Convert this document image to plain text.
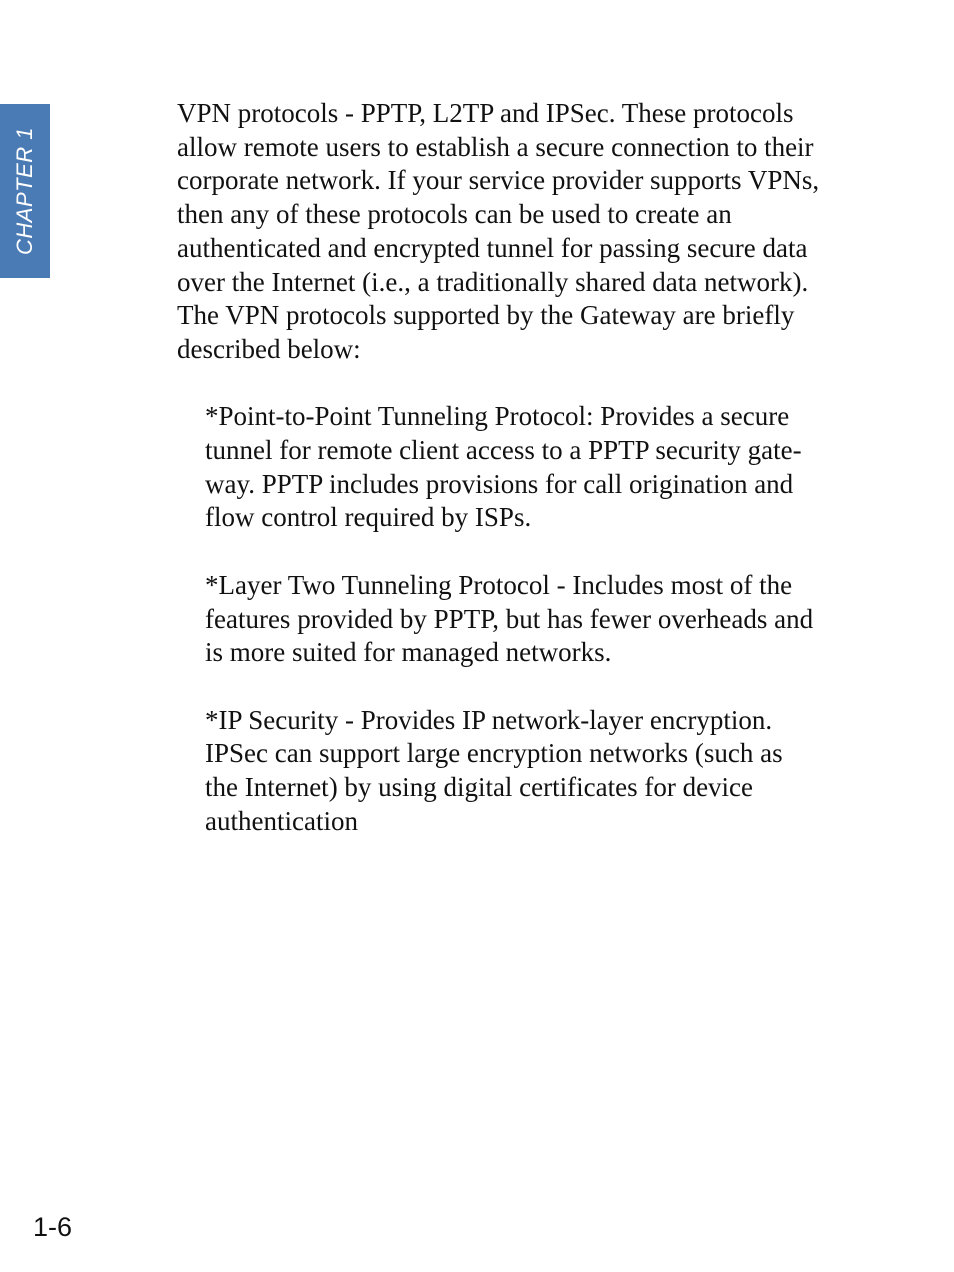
CHAPTER 1

VPN protocols - PPTP, L2TP and IPSec. These protocols
allow remote users to establish a secure connection to their
corporate network. If your service provider supports VPNs,
then any of these protocols can be used to create an
authenticated and encrypted tunnel for passing secure data
over the Internet (i.e., a traditionally shared data network).
The VPN protocols supported by the Gateway are briefly
described below:

*Point-to-Point Tunneling Protocol: Provides a secure
tunnel for remote client access to a PPTP security gate-
way. PPTP includes provisions for call origination and
flow control required by ISPs.

*Layer Two Tunneling Protocol - Includes most of the
features provided by PPTP, but has fewer overheads and
is more suited for managed networks.

*IP Security - Provides IP network-layer encryption.
IPSec can support large encryption networks (such as
the Internet) by using digital certificates for device
authentication

1-6
